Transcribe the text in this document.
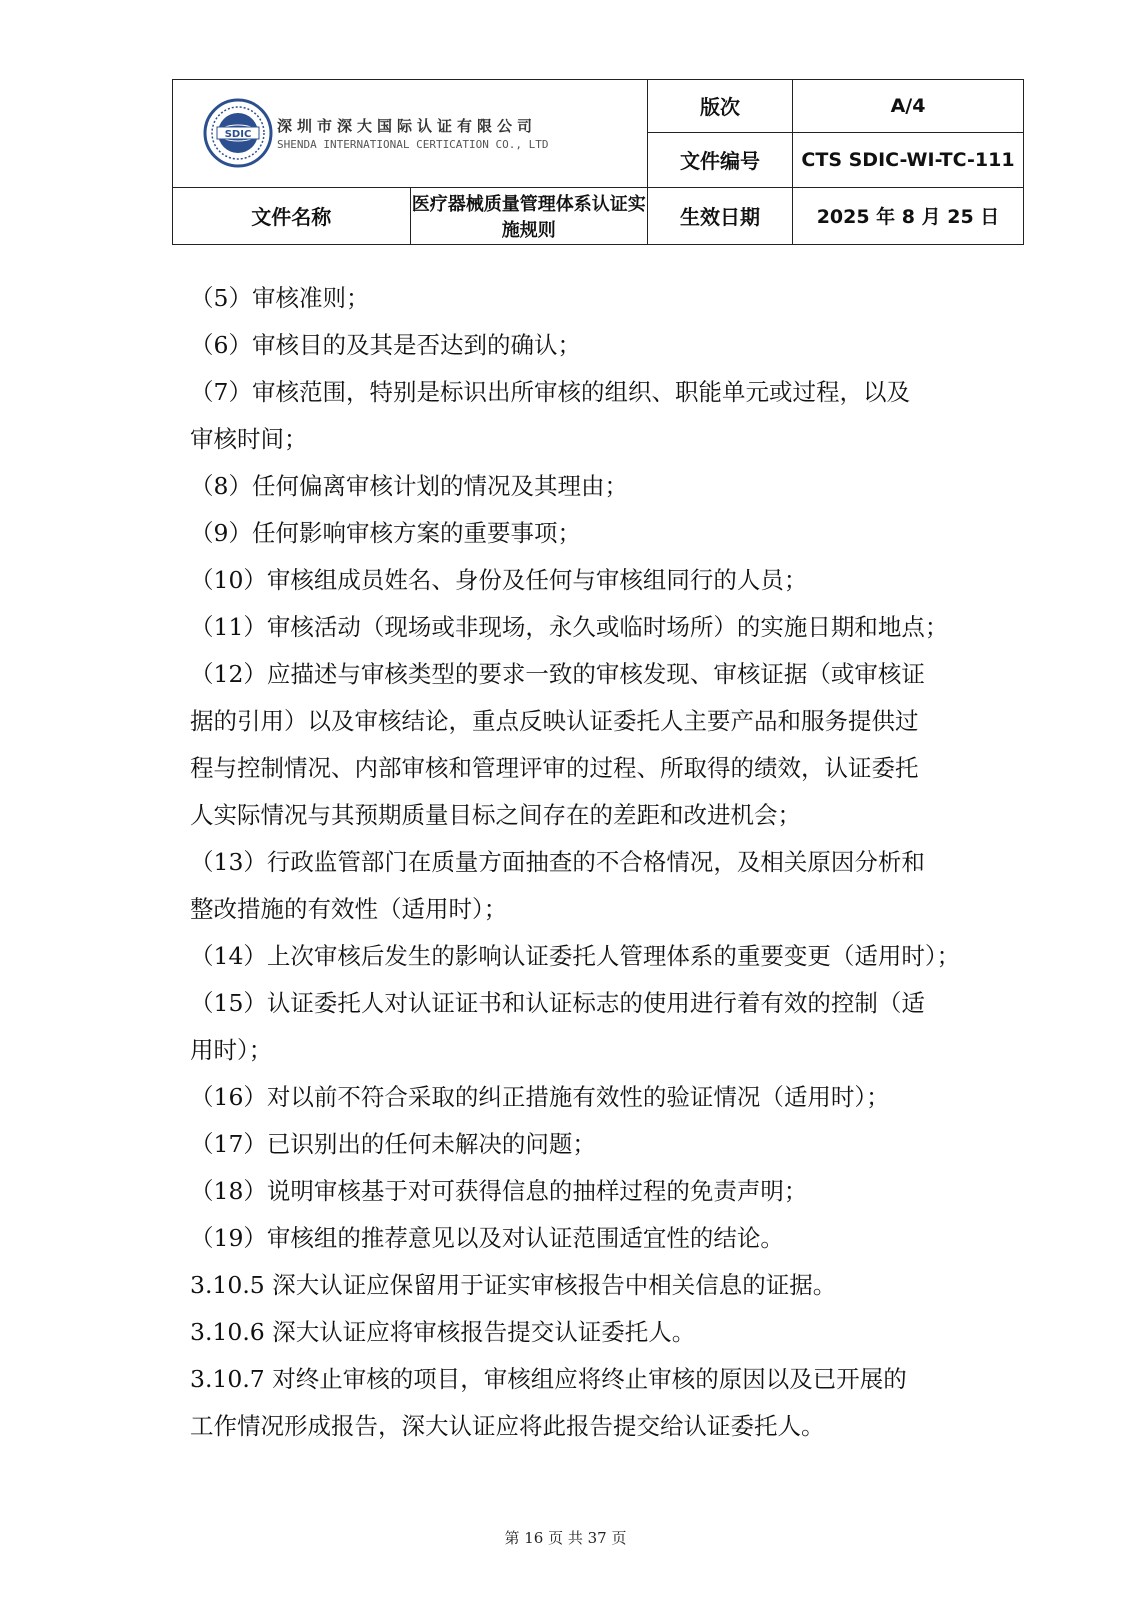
SDIC 深圳市深大国际认证有限公司
SHENDA INTERNATIONAL CERTICATION CO., LTD		版次	A/4
		文件编号	CTS SDIC-WI-TC-111
文件名称	医疗器械质量管理体系认证实施规则	生效日期	2025 年 8 月 25 日

（5）审核准则；

（6）审核目的及其是否达到的确认；

（7）审核范围，特别是标识出所审核的组织、职能单元或过程，以及

审核时间；

（8）任何偏离审核计划的情况及其理由；

（9）任何影响审核方案的重要事项；

（10）审核组成员姓名、身份及任何与审核组同行的人员；

（11）审核活动（现场或非现场，永久或临时场所）的实施日期和地点；

（12）应描述与审核类型的要求一致的审核发现、审核证据（或审核证

据的引用）以及审核结论，重点反映认证委托人主要产品和服务提供过

程与控制情况、内部审核和管理评审的过程、所取得的绩效，认证委托

人实际情况与其预期质量目标之间存在的差距和改进机会；

（13）行政监管部门在质量方面抽查的不合格情况，及相关原因分析和

整改措施的有效性（适用时）；

（14）上次审核后发生的影响认证委托人管理体系的重要变更（适用时）；

（15）认证委托人对认证证书和认证标志的使用进行着有效的控制（适

用时）；

（16）对以前不符合采取的纠正措施有效性的验证情况（适用时）；

（17）已识别出的任何未解决的问题；

（18）说明审核基于对可获得信息的抽样过程的免责声明；

（19）审核组的推荐意见以及对认证范围适宜性的结论。

3.10.5 深大认证应保留用于证实审核报告中相关信息的证据。

3.10.6 深大认证应将审核报告提交认证委托人。

3.10.7 对终止审核的项目，审核组应将终止审核的原因以及已开展的

工作情况形成报告，深大认证应将此报告提交给认证委托人。

第 16 页 共 37 页
